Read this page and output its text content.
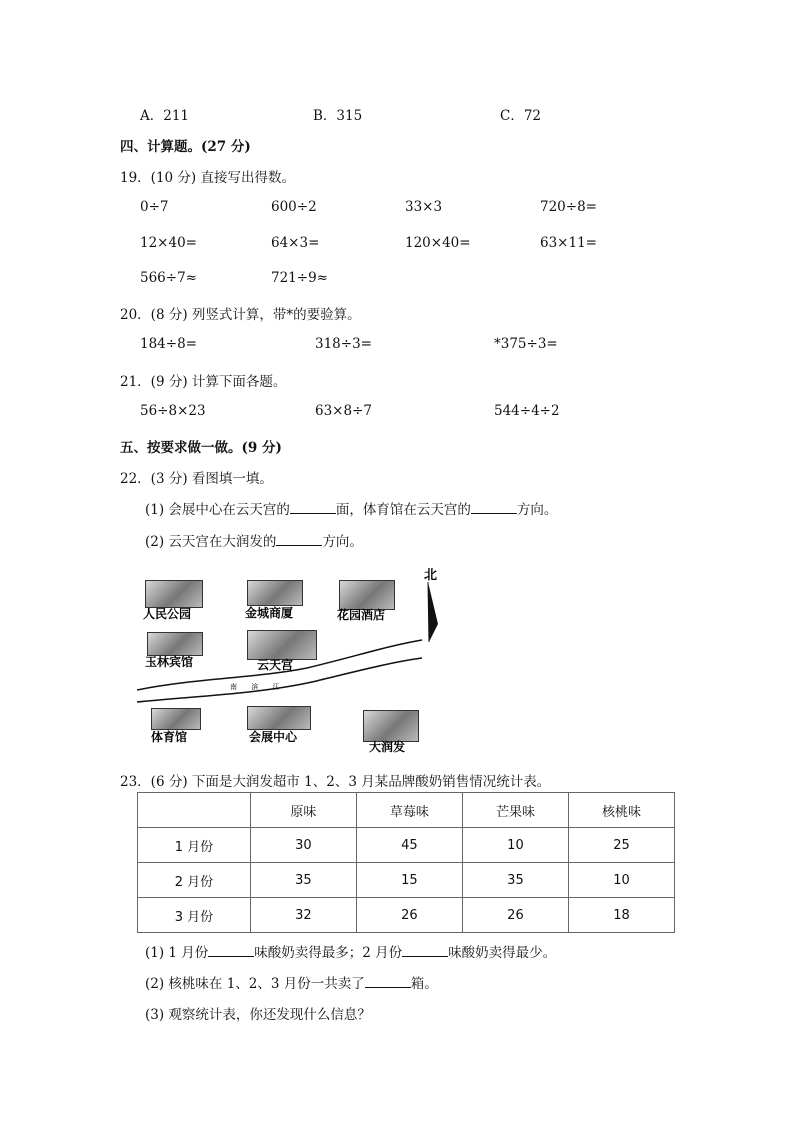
A．211	B．315	C．72
四、计算题。(27 分)
19．(10 分) 直接写出得数。
0÷7	600÷2	33×3	720÷8=
12×40=	64×3=	120×40=	63×11=
566÷7≈	721÷9≈
20．(8 分) 列竖式计算，带*的要验算。
184÷8=	318÷3=	*375÷3=
21．(9 分) 计算下面各题。
56÷8×23	63×8÷7	544÷4÷2
五、按要求做一做。(9 分)
22．(3 分) 看图填一填。
(1) 会展中心在云天宫的	面，体育馆在云天宫的	方向。
(2) 云天宫在大润发的	方向。
北
南 滨 江
人民公园	金城商厦	花园酒店
玉林宾馆	云天宫
体育馆	会展中心
大润发
23．(6 分) 下面是大润发超市 1、2、3 月某品牌酸奶销售情况统计表。
	原味	草莓味	芒果味	核桃味
1 月份	30	45	10	25
2 月份	35	15	35	10
3 月份	32	26	26	18
(1) 1 月份	味酸奶卖得最多；2 月份	味酸奶卖得最少。
(2) 核桃味在 1、2、3 月份一共卖了	箱。
(3) 观察统计表，你还发现什么信息？
